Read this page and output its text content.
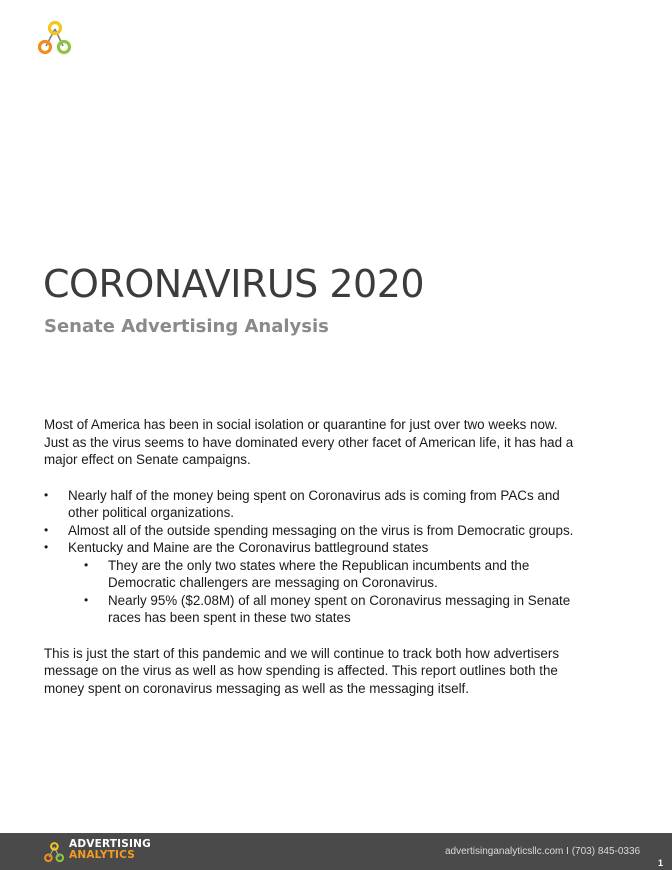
CORONAVIRUS 2020
Senate Advertising Analysis

Most of America has been in social isolation or quarantine for just over two weeks now. Just as the virus seems to have dominated every other facet of American life, it has had a major effect on Senate campaigns.

• Nearly half of the money being spent on Coronavirus ads is coming from PACs and other political organizations.
• Almost all of the outside spending messaging on the virus is from Democratic groups.
• Kentucky and Maine are the Coronavirus battleground states
• They are the only two states where the Republican incumbents and the Democratic challengers are messaging on Coronavirus.
• Nearly 95% ($2.08M) of all money spent on Coronavirus messaging in Senate races has been spent in these two states

This is just the start of this pandemic and we will continue to track both how advertisers message on the virus as well as how spending is affected. This report outlines both the money spent on coronavirus messaging as well as the messaging itself.

ADVERTISING
ANALYTICS	advertisinganalyticsllc.com I (703) 845-0336
1
